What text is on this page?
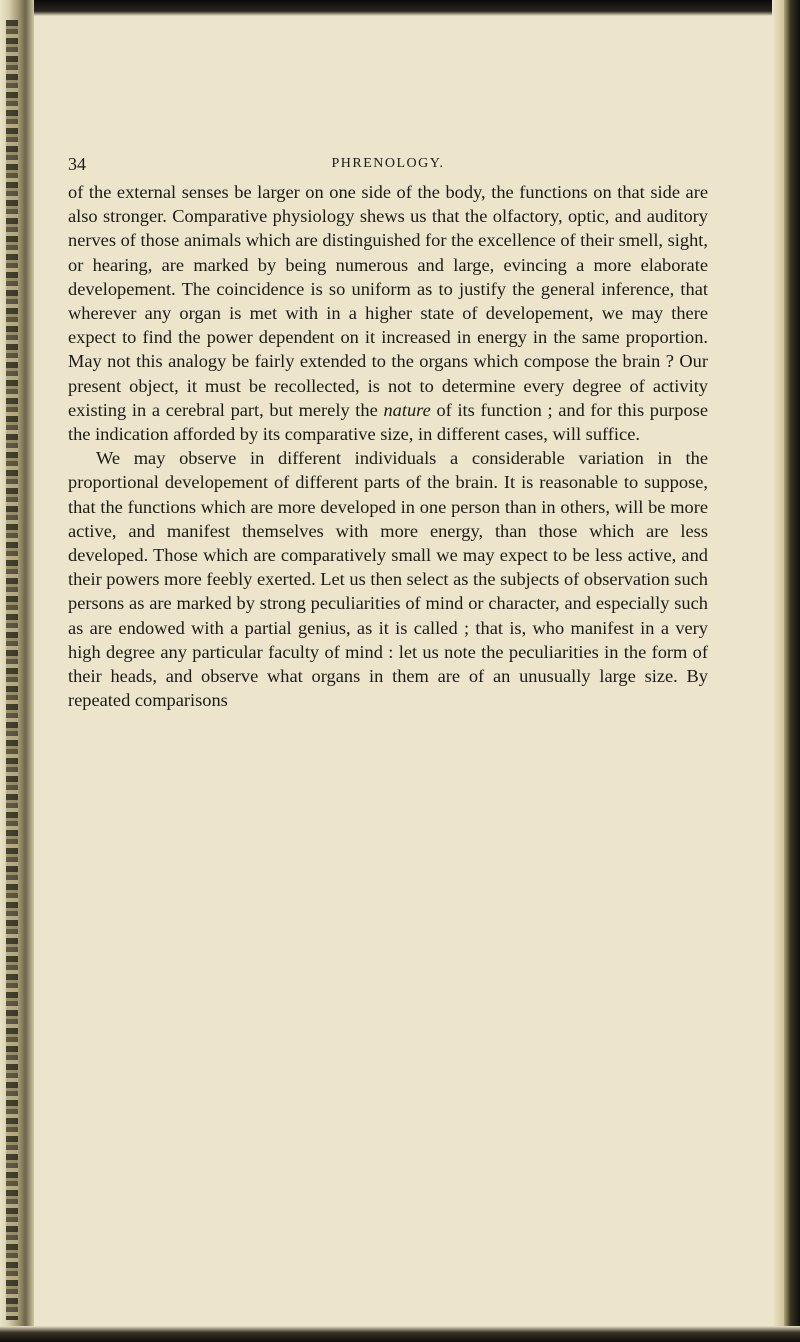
34	PHRENOLOGY.

of the external senses be larger on one side of the body, the functions on that side are also stronger. Comparative physiology shews us that the olfactory, optic, and auditory nerves of those animals which are distinguished for the excellence of their smell, sight, or hearing, are marked by being numerous and large, evincing a more elaborate developement. The coincidence is so uniform as to justify the general inference, that wherever any organ is met with in a higher state of developement, we may there expect to find the power dependent on it increased in energy in the same proportion. May not this analogy be fairly extended to the organs which compose the brain ? Our present object, it must be recollected, is not to determine every degree of activity existing in a cerebral part, but merely the nature of its function ; and for this purpose the indication afforded by its comparative size, in different cases, will suffice.

We may observe in different individuals a considerable variation in the proportional developement of different parts of the brain. It is reasonable to suppose, that the functions which are more developed in one person than in others, will be more active, and manifest themselves with more energy, than those which are less developed. Those which are comparatively small we may expect to be less active, and their powers more feebly exerted. Let us then select as the subjects of observation such persons as are marked by strong peculiarities of mind or character, and especially such as are endowed with a partial genius, as it is called ; that is, who manifest in a very high degree any particular faculty of mind : let us note the peculiarities in the form of their heads, and observe what organs in them are of an unusually large size. By repeated comparisons
